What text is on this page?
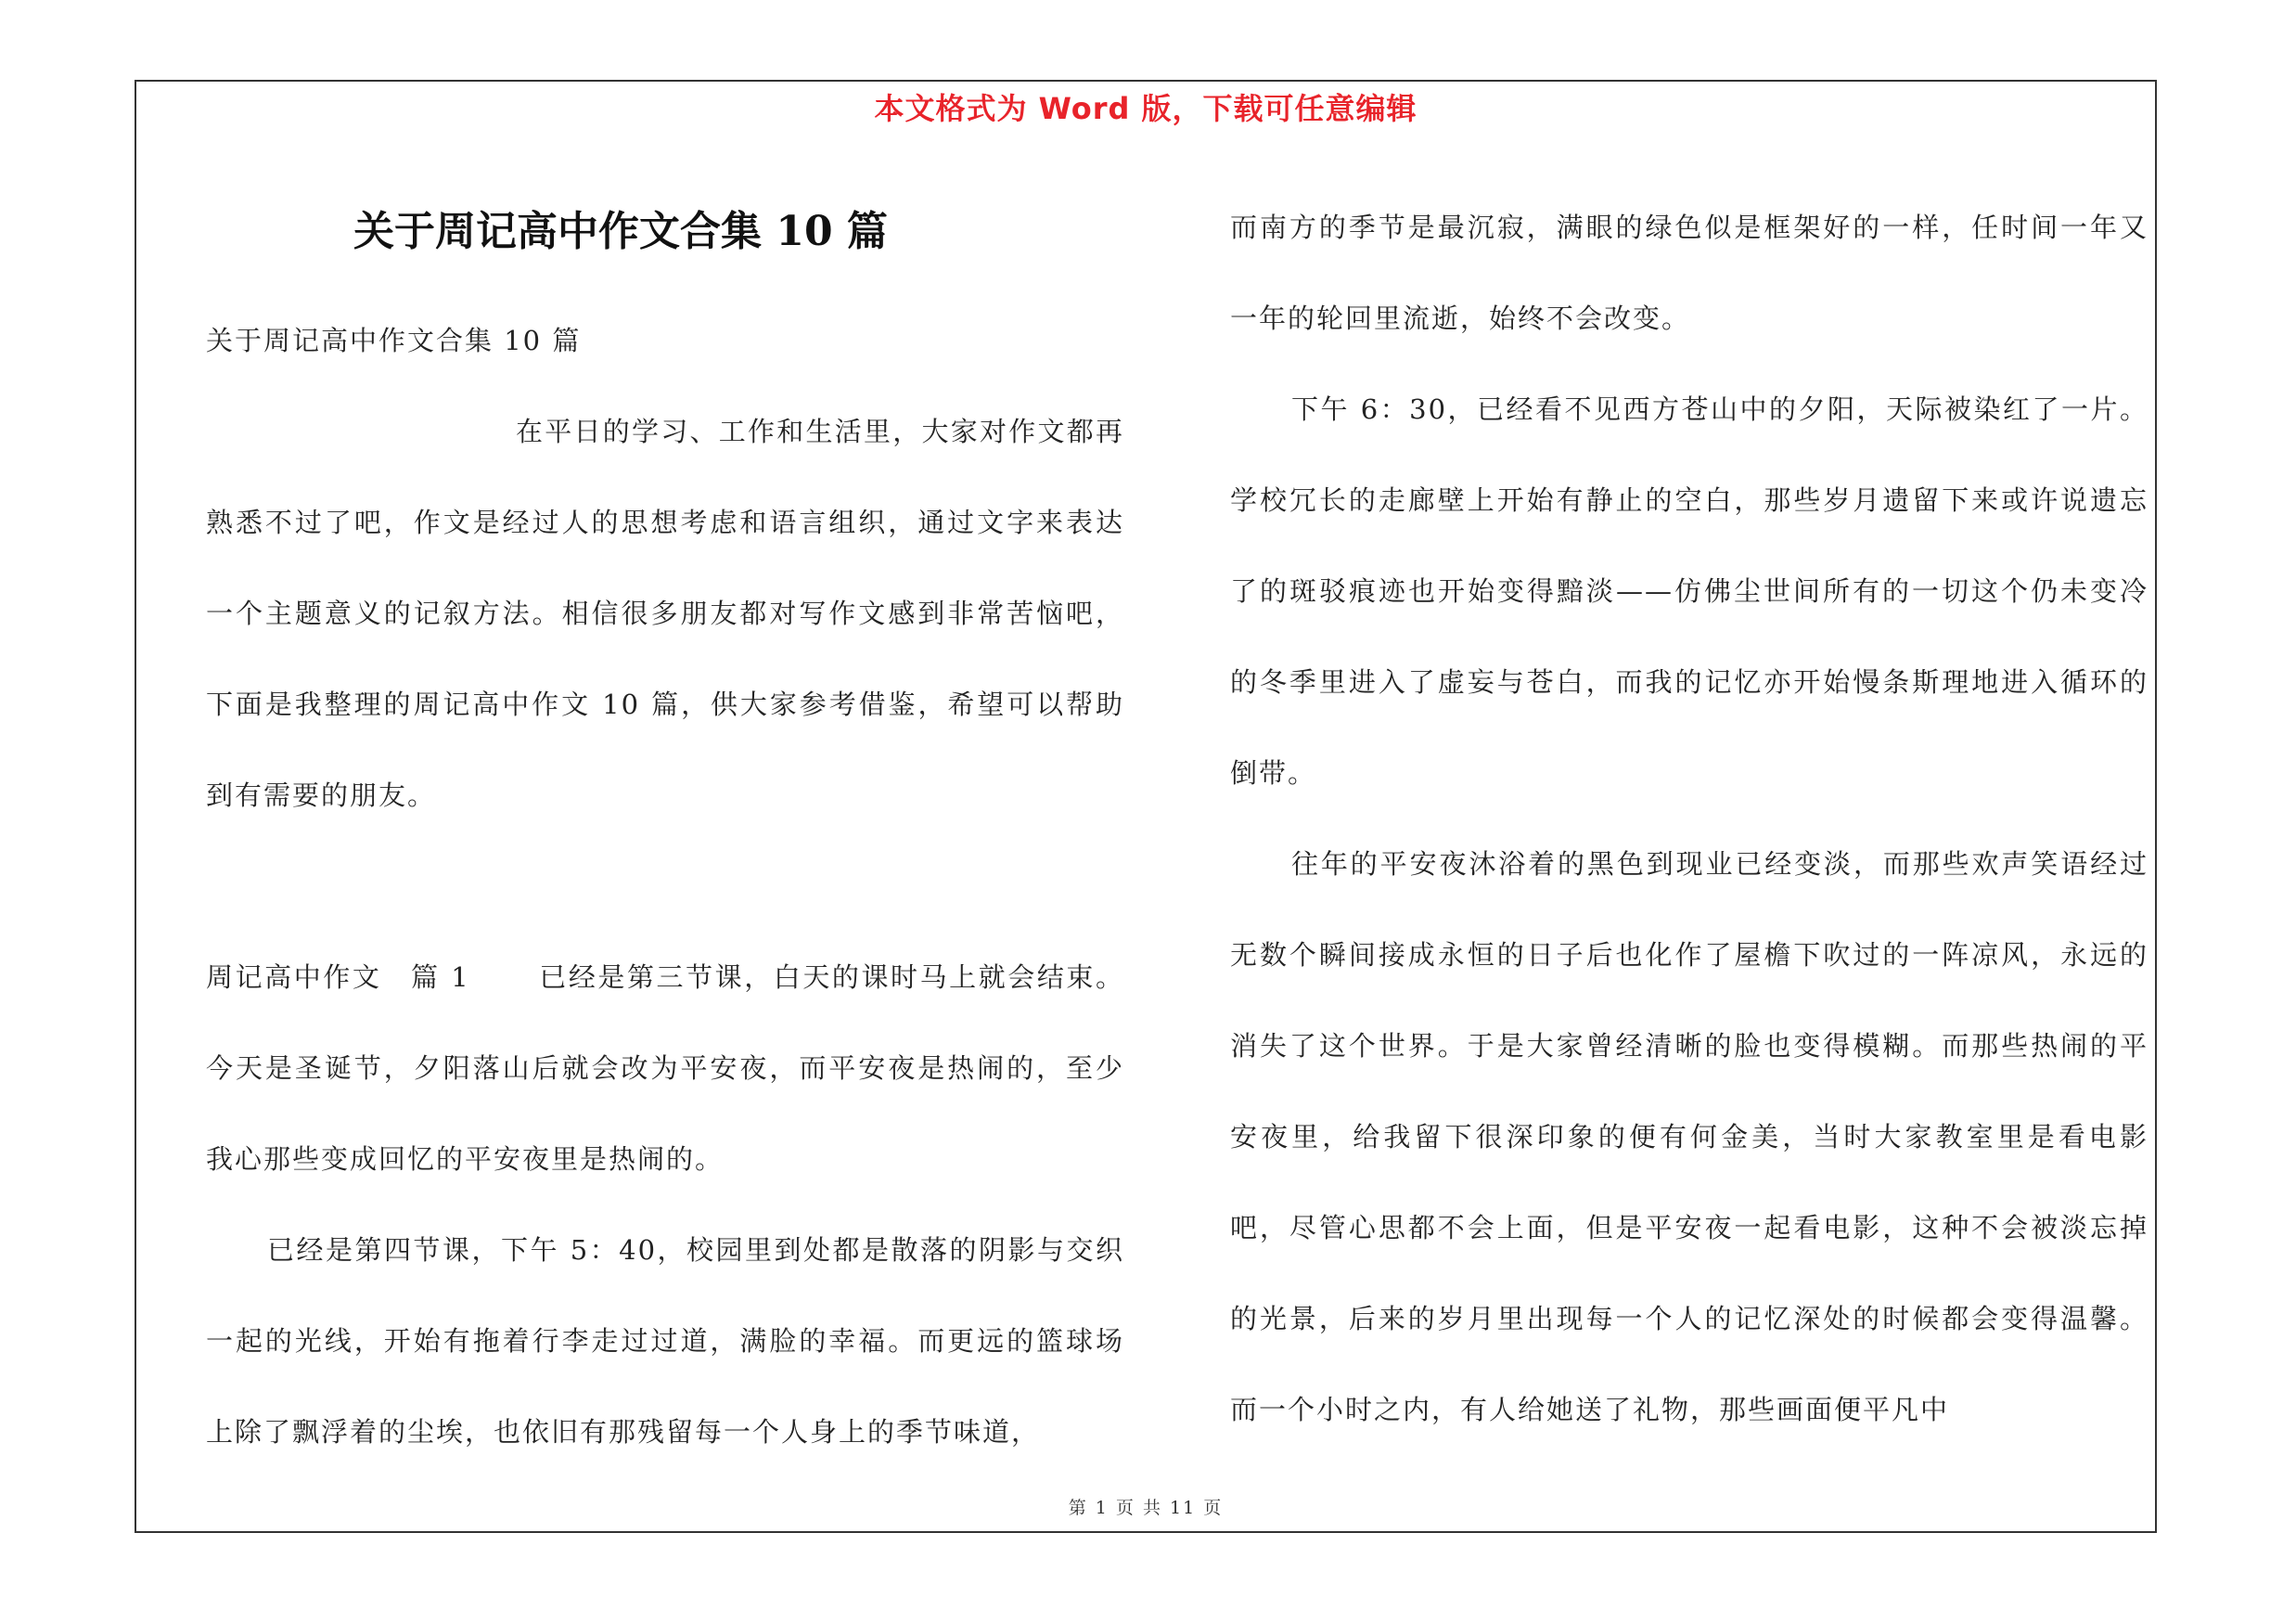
本文格式为 Word 版，下载可任意编辑
关于周记高中作文合集 10 篇

关于周记高中作文合集 10 篇

在平日的学习、工作和生活里，大家对作文都再熟悉不过了吧，作文是经过人的思想考虑和语言组织，通过文字来表达一个主题意义的记叙方法。相信很多朋友都对写作文感到非常苦恼吧，下面是我整理的周记高中作文 10 篇，供大家参考借鉴，希望可以帮助到有需要的朋友。

周记高中作文　篇 1	已经是第三节课，白天的课时马上就会结束。今天是圣诞节，夕阳落山后就会改为平安夜，而平安夜是热闹的，至少我心那些变成回忆的平安夜里是热闹的。

已经是第四节课，下午 5：40，校园里到处都是散落的阴影与交织一起的光线，开始有拖着行李走过过道，满脸的幸福。而更远的篮球场上除了飘浮着的尘埃，也依旧有那残留每一个人身上的季节味道，

而南方的季节是最沉寂，满眼的绿色似是框架好的一样，任时间一年又一年的轮回里流逝，始终不会改变。

下午 6：30，已经看不见西方苍山中的夕阳，天际被染红了一片。学校冗长的走廊壁上开始有静止的空白，那些岁月遗留下来或许说遗忘了的斑驳痕迹也开始变得黯淡——仿佛尘世间所有的一切这个仍未变冷的冬季里进入了虚妄与苍白，而我的记忆亦开始慢条斯理地进入循环的倒带。

往年的平安夜沐浴着的黑色到现业已经变淡，而那些欢声笑语经过无数个瞬间接成永恒的日子后也化作了屋檐下吹过的一阵凉风，永远的消失了这个世界。于是大家曾经清晰的脸也变得模糊。而那些热闹的平安夜里，给我留下很深印象的便有何金美，当时大家教室里是看电影吧，尽管心思都不会上面，但是平安夜一起看电影，这种不会被淡忘掉的光景，后来的岁月里出现每一个人的记忆深处的时候都会变得温馨。而一个小时之内，有人给她送了礼物，那些画面便平凡中

第 1 页 共 11 页
